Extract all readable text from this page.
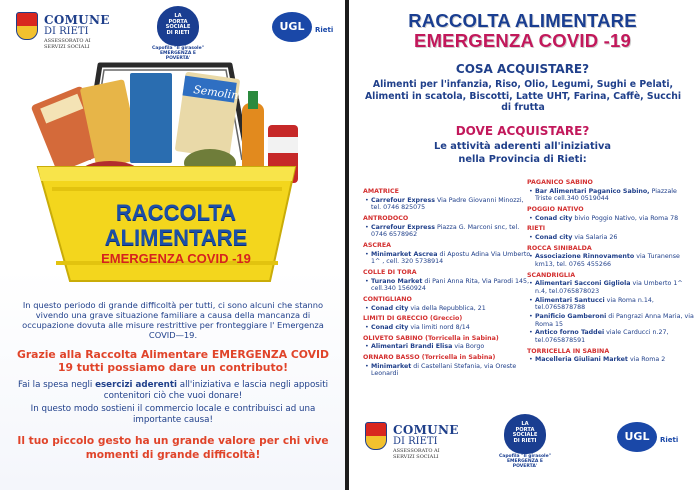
COMUNE
DI RIETI
ASSESSORATO AI
SERVIZI SOCIALI
LA
PORTA
SOCIALE
DI RIETI
Capofila "Il girasole"
EMERGENZA E POVERTA'
UGL	Rieti
Semolino
RACCOLTA
ALIMENTARE
EMERGENZA COVID -19
In questo periodo di grande difficoltà per tutti, ci sono alcuni che stanno vivendo una grave situazione familiare a causa della mancanza di occupazione dovuta alle misure restrittive per fronteggiare l' Emergenza COVID—19.
Grazie alla Raccolta Alimentare EMERGENZA COVID 19 tutti possiamo dare un contributo!
Fai la spesa negli esercizi aderenti all'iniziativa e lascia negli appositi contenitori ciò che vuoi donare!
In questo modo sostieni il commercio locale e contribuisci ad una importante causa!
Il tuo piccolo gesto ha un grande valore per chi vive momenti di grande difficoltà!
RACCOLTA ALIMENTARE
EMERGENZA COVID -19
COSA ACQUISTARE?
Alimenti per l'infanzia, Riso, Olio, Legumi, Sughi e Pelati, Alimenti in scatola, Biscotti, Latte UHT, Farina, Caffè, Succhi di frutta
DOVE ACQUISTARE?
Le attività aderenti all'iniziativa
nella Provincia di Rieti:
AMATRICE
• Carrefour Express Via Padre Giovanni Minozzi, tel. 0746 825075
ANTRODOCO
• Carrefour Express Piazza G. Marconi snc, tel. 0746 6578962
ASCREA
• Minimarket Ascrea di Apostu Adina Via Umberto 1^ , cell. 320 5738914
COLLE DI TORA
• Turano Market di Pani Anna Rita, Via Parodi 145, cell.340 1560924
CONTIGLIANO
• Conad city via della Repubblica, 21
LIMITI DI GRECCIO (Greccio)
• Conad city via limiti nord 8/14
OLIVETO SABINO (Torricella in Sabina)
• Alimentari Brandi Elisa via Borgo
ORNARO BASSO (Torricella in Sabina)
• Minimarket di Castellani Stefania, via Oreste Leonardi
PAGANICO SABINO
• Bar Alimentari Paganico Sabino, Piazzale Triste cell.340 0519044
POGGIO NATIVO
• Conad city bivio Poggio Nativo, via Roma 78
RIETI
• Conad city via Salaria 26
ROCCA SINIBALDA
• Associazione Rinnovamento via Turanense km13, tel. 0765 455266
SCANDRIGLIA
• Alimentari Sacconi Gigliola via Umberto 1^ n.4, tel.0765878023
• Alimentari Santucci via Roma n.14, tel.0765878788
• Panificio Gamberoni di Pangrazi Anna Maria, via Roma 15
• Antico forno Taddei viale Carducci n.27, tel.0765878591
TORRICELLA IN SABINA
• Macelleria Giuliani Market via Roma 2
COMUNE
DI RIETI
ASSESSORATO AI
SERVIZI SOCIALI
LA
PORTA
SOCIALE
DI RIETI
Capofila "Il girasole"
EMERGENZA E POVERTA'
UGL	Rieti
